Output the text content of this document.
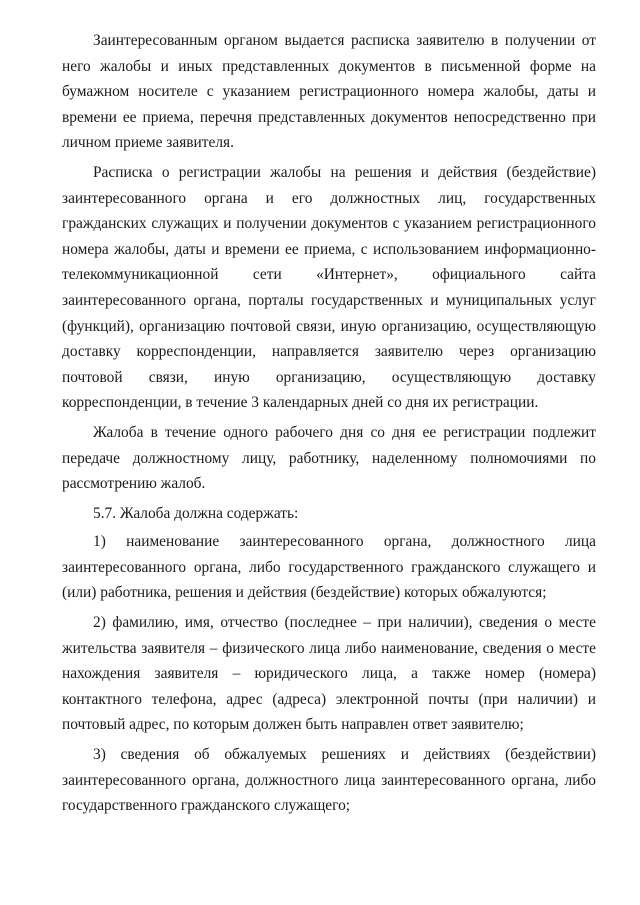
Заинтересованным органом выдается расписка заявителю в получении от него жалобы и иных представленных документов в письменной форме на бумажном носителе с указанием регистрационного номера жалобы, даты и времени ее приема, перечня представленных документов непосредственно при личном приеме заявителя.

Расписка о регистрации жалобы на решения и действия (бездействие) заинтересованного органа и его должностных лиц, государственных гражданских служащих и получении документов с указанием регистрационного номера жалобы, даты и времени ее приема, с использованием информационно-телекоммуникационной сети «Интернет», официального сайта заинтересованного органа, порталы государственных и муниципальных услуг (функций), организацию почтовой связи, иную организацию, осуществляющую доставку корреспонденции, направляется заявителю через организацию почтовой связи, иную организацию, осуществляющую доставку корреспонденции, в течение 3 календарных дней со дня их регистрации.

Жалоба в течение одного рабочего дня со дня ее регистрации подлежит передаче должностному лицу, работнику, наделенному полномочиями по рассмотрению жалоб.

5.7. Жалоба должна содержать:

1) наименование заинтересованного органа, должностного лица заинтересованного органа, либо государственного гражданского служащего и (или) работника, решения и действия (бездействие) которых обжалуются;

2) фамилию, имя, отчество (последнее – при наличии), сведения о месте жительства заявителя – физического лица либо наименование, сведения о месте нахождения заявителя – юридического лица, а также номер (номера) контактного телефона, адрес (адреса) электронной почты (при наличии) и почтовый адрес, по которым должен быть направлен ответ заявителю;

3) сведения об обжалуемых решениях и действиях (бездействии) заинтересованного органа, должностного лица заинтересованного органа, либо государственного гражданского служащего;
